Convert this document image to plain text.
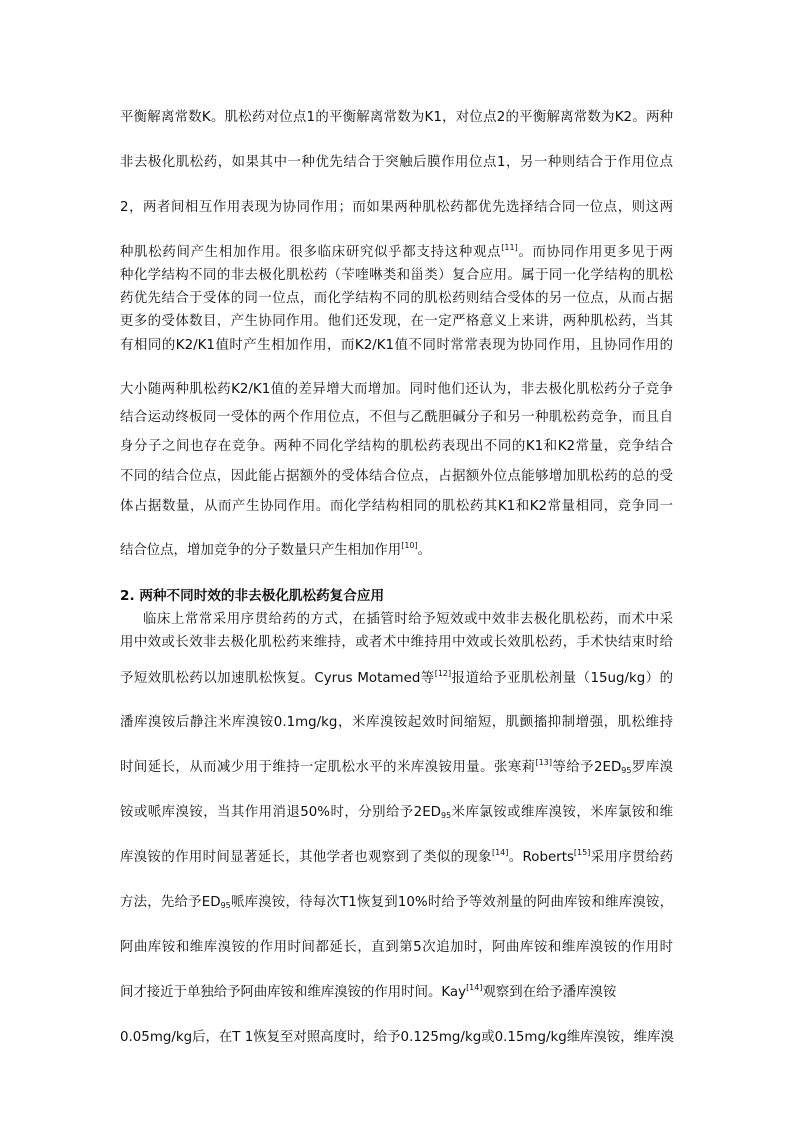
2. 两种不同时效的非去极化肌松药复合应用
平衡解离常数K。肌松药对位点1的平衡解离常数为K1，对位点2的平衡解离常数为K2。两种
非去极化肌松药，如果其中一种优先结合于突触后膜作用位点1，另一种则结合于作用位点
2，两者间相互作用表现为协同作用；而如果两种肌松药都优先选择结合同一位点，则这两
种肌松药间产生相加作用。很多临床研究似乎都支持这种观点[11]。而协同作用更多见于两
种化学结构不同的非去极化肌松药（苄喹啉类和甾类）复合应用。属于同一化学结构的肌松
药优先结合于受体的同一位点，而化学结构不同的肌松药则结合受体的另一位点，从而占据
更多的受体数目，产生协同作用。他们还发现，在一定严格意义上来讲，两种肌松药，当其
有相同的K2/K1值时产生相加作用，而K2/K1值不同时常常表现为协同作用，且协同作用的
大小随两种肌松药K2/K1值的差异增大而增加。同时他们还认为，非去极化肌松药分子竞争
结合运动终板同一受体的两个作用位点，不但与乙酰胆碱分子和另一种肌松药竞争，而且自
身分子之间也存在竞争。两种不同化学结构的肌松药表现出不同的K1和K2常量，竞争结合
不同的结合位点，因此能占据额外的受体结合位点，占据额外位点能够增加肌松药的总的受
体占据数量，从而产生协同作用。而化学结构相同的肌松药其K1和K2常量相同，竞争同一
结合位点，增加竞争的分子数量只产生相加作用[10]。
临床上常常采用序贯给药的方式，在插管时给予短效或中效非去极化肌松药，而术中采
用中效或长效非去极化肌松药来维持，或者术中维持用中效或长效肌松药，手术快结束时给
予短效肌松药以加速肌松恢复。Cyrus Motamed等[12]报道给予亚肌松剂量（15ug/kg）的
潘库溴铵后静注米库溴铵0.1mg/kg，米库溴铵起效时间缩短，肌颤搐抑制增强，肌松维持
时间延长，从而减少用于维持一定肌松水平的米库溴铵用量。张寒莉[13]等给予$2ED_{95}$罗库溴
铵或哌库溴铵，当其作用消退50%时，分别给予$2ED_{95}$米库氯铵或维库溴铵，米库氯铵和维
库溴铵的作用时间显著延长，其他学者也观察到了类似的现象[14]。Roberts[15]采用序贯给药
方法，先给予$ED_{95}$哌库溴铵，待每次T1恢复到10%时给予等效剂量的阿曲库铵和维库溴铵，
阿曲库铵和维库溴铵的作用时间都延长，直到第5次追加时，阿曲库铵和维库溴铵的作用时
间才接近于单独给予阿曲库铵和维库溴铵的作用时间。Kay[14]观察到在给予潘库溴铵
0.05mg/kg后，在T 1恢复至对照高度时，给予0.125mg/kg或0.15mg/kg维库溴铵，维库溴
